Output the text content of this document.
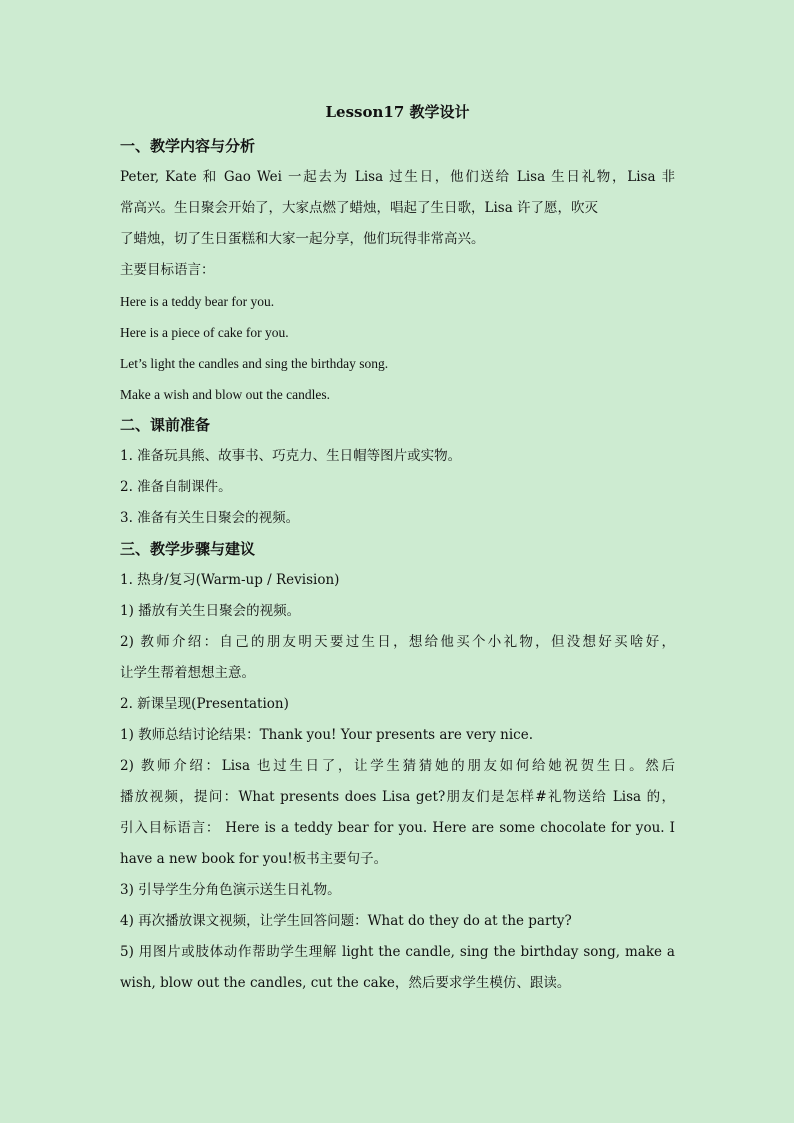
Lesson17 教学设计
一、教学内容与分析
Peter, Kate 和 Gao Wei 一起去为 Lisa 过生日，他们送给 Lisa 生日礼物，Lisa 非
常高兴。生日聚会开始了，大家点燃了蜡烛，唱起了生日歌，Lisa 许了愿，吹灭
了蜡烛，切了生日蛋糕和大家一起分享，他们玩得非常高兴。
主要目标语言：
Here is a teddy bear for you.
Here is a piece of cake for you.
Let’s light the candles and sing the birthday song.
Make a wish and blow out the candles.
二、课前准备
1. 准备玩具熊、故事书、巧克力、生日帽等图片或实物。
2. 准备自制课件。
3. 准备有关生日聚会的视频。
三、教学步骤与建议
1. 热身/复习(Warm-up / Revision)
1) 播放有关生日聚会的视频。
2) 教师介绍：自己的朋友明天要过生日，想给他买个小礼物，但没想好买啥好，
让学生帮着想想主意。
2. 新课呈现(Presentation)
1) 教师总结讨论结果：Thank you! Your presents are very nice.
2) 教师介绍：Lisa 也过生日了，让学生猜猜她的朋友如何给她祝贺生日。然后
播放视频，提问：What presents does Lisa get?朋友们是怎样#礼物送给 Lisa 的，
引入目标语言： Here is a teddy bear for you. Here are some chocolate for you. I
have a new book for you!板书主要句子。
3) 引导学生分角色演示送生日礼物。
4) 再次播放课文视频，让学生回答问题：What do they do at the party?
5) 用图片或肢体动作帮助学生理解 light the candle, sing the birthday song, make a
wish, blow out the candles, cut the cake，然后要求学生模仿、跟读。
